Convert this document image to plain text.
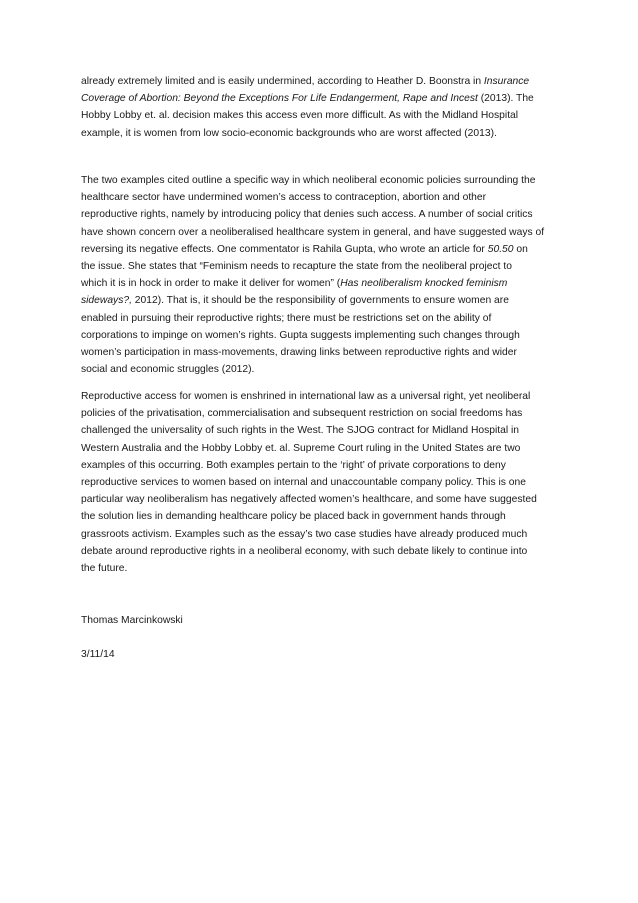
already extremely limited and is easily undermined, according to Heather D. Boonstra in Insurance
Coverage of Abortion: Beyond the Exceptions For Life Endangerment, Rape and Incest (2013). The
Hobby Lobby et. al. decision makes this access even more difficult. As with the Midland Hospital
example, it is women from low socio-economic backgrounds who are worst affected (2013).

The two examples cited outline a specific way in which neoliberal economic policies surrounding the
healthcare sector have undermined women’s access to contraception, abortion and other
reproductive rights, namely by introducing policy that denies such access. A number of social critics
have shown concern over a neoliberalised healthcare system in general, and have suggested ways of
reversing its negative effects. One commentator is Rahila Gupta, who wrote an article for 50.50 on
the issue. She states that “Feminism needs to recapture the state from the neoliberal project to
which it is in hock in order to make it deliver for women” (Has neoliberalism knocked feminism
sideways?, 2012). That is, it should be the responsibility of governments to ensure women are
enabled in pursuing their reproductive rights; there must be restrictions set on the ability of
corporations to impinge on women’s rights. Gupta suggests implementing such changes through
women’s participation in mass-movements, drawing links between reproductive rights and wider
social and economic struggles (2012).

Reproductive access for women is enshrined in international law as a universal right, yet neoliberal
policies of the privatisation, commercialisation and subsequent restriction on social freedoms has
challenged the universality of such rights in the West. The SJOG contract for Midland Hospital in
Western Australia and the Hobby Lobby et. al. Supreme Court ruling in the United States are two
examples of this occurring. Both examples pertain to the ‘right’ of private corporations to deny
reproductive services to women based on internal and unaccountable company policy. This is one
particular way neoliberalism has negatively affected women’s healthcare, and some have suggested
the solution lies in demanding healthcare policy be placed back in government hands through
grassroots activism. Examples such as the essay’s two case studies have already produced much
debate around reproductive rights in a neoliberal economy, with such debate likely to continue into
the future.

Thomas Marcinkowski

3/11/14
